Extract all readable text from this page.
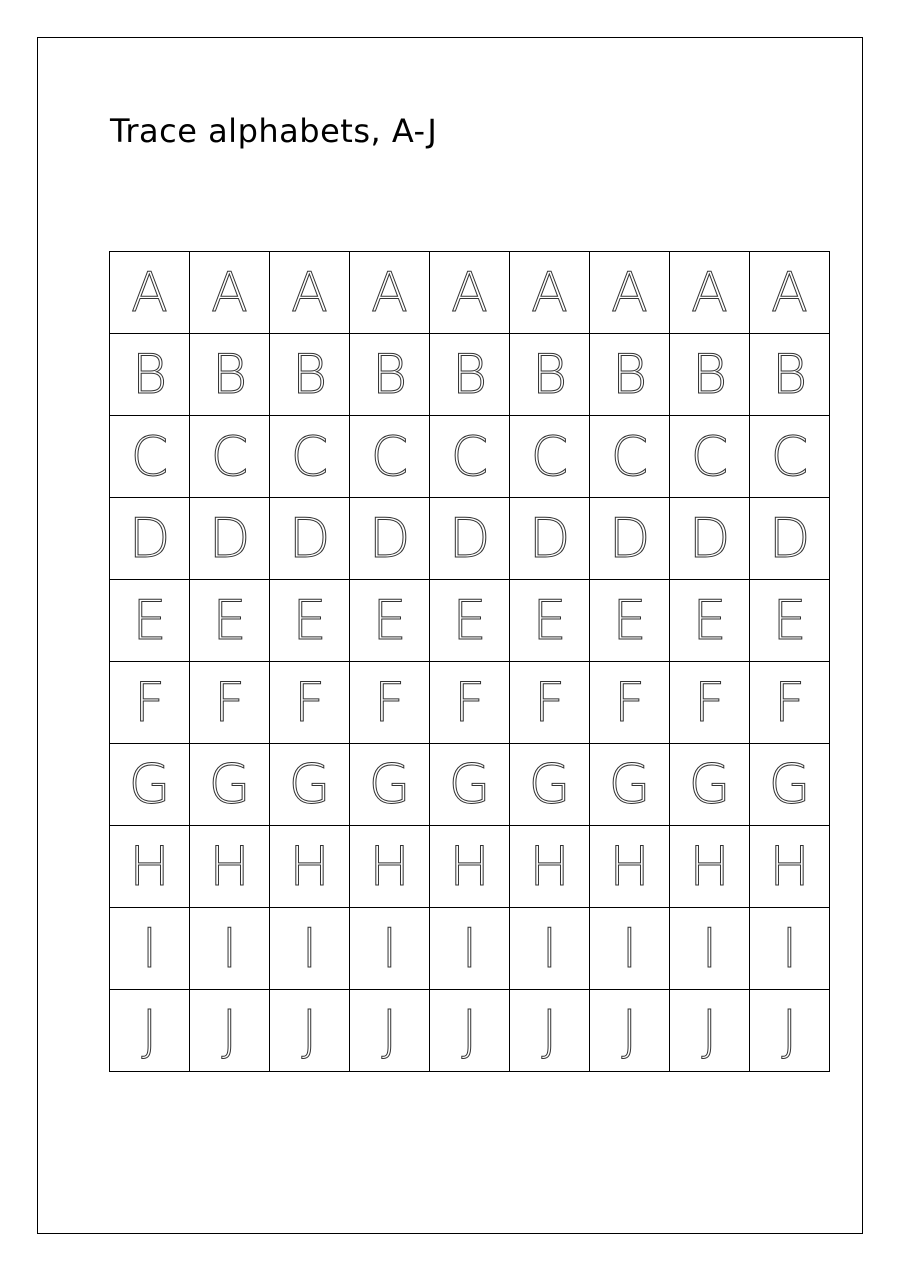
Trace alphabets, A-J
A	A	A	A	A	A	A	A	A
B	B	B	B	B	B	B	B	B
C	C	C	C	C	C	C	C	C
D	D	D	D	D	D	D	D	D
E	E	E	E	E	E	E	E	E
F	F	F	F	F	F	F	F	F
G	G	G	G	G	G	G	G	G
H	H	H	H	H	H	H	H	H
I	I	I	I	I	I	I	I	I
J	J	J	J	J	J	J	J	J
